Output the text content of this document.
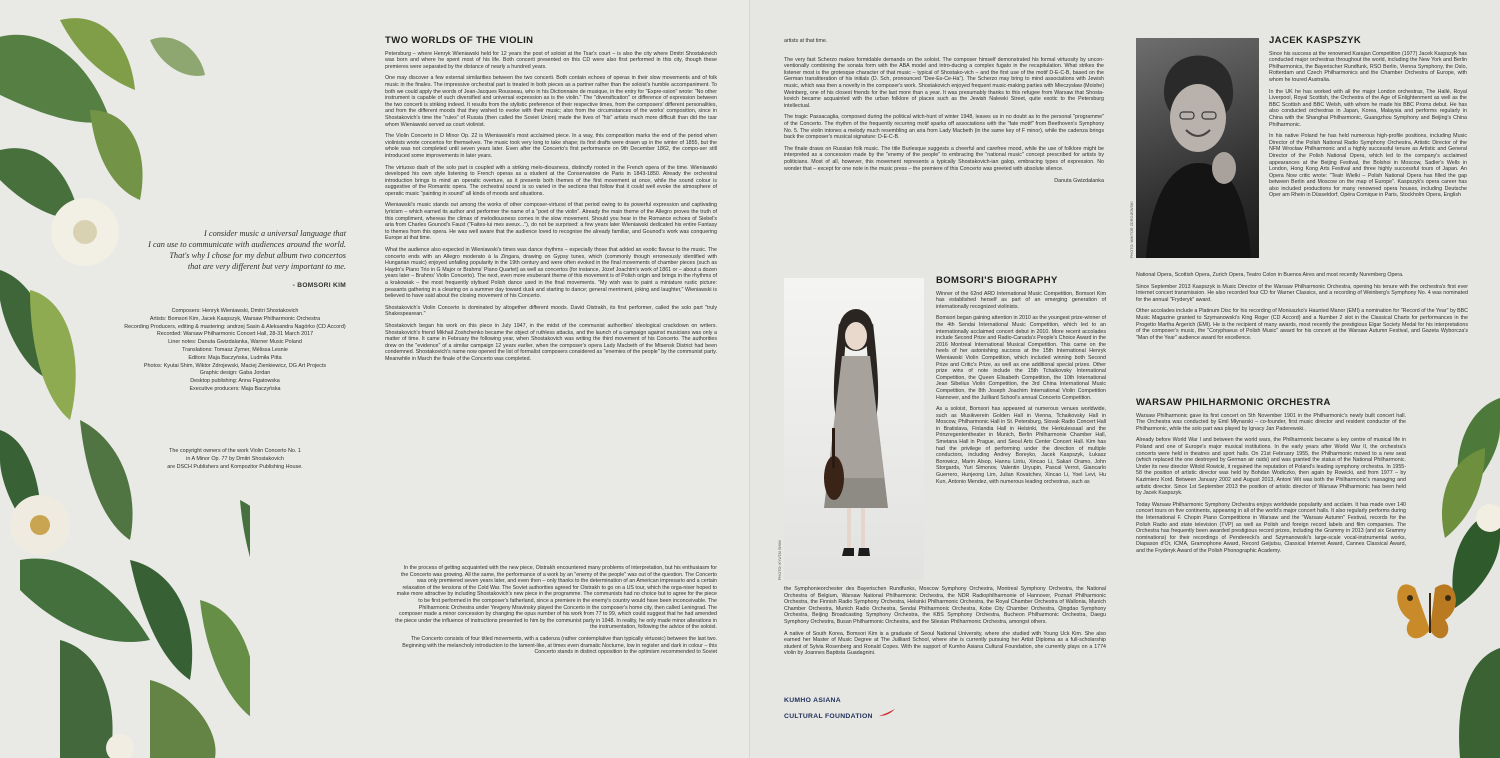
I consider music a universal language that
I can use to communicate with audiences around the world.
That's why I chose for my debut album two concertos
that are very different but very important to me.
- BOMSORI KIM
Composers: Henryk Wieniawski, Dmitri Shostakovich
Artists: Bomsori Kim, Jacek Kaspszyk, Warsaw Philharmonic Orchestra
Recording Producers, editing & mastering: andrzej Sasin & Aleksandra Nagórko (CD Accord)
Recorded: Warsaw Philharmonic Concert Hall, 28-31 March 2017
Liner notes: Danuta Gwizdalanka, Warner Music Poland
Translations: Tomasz Zymer, Mélissa Lesnie
Editors: Maja Baczyńska, Ludmiła Pitta
Photos: Kyutai Shim, Wiktor Zdrojewski, Maciej Zienkiewicz, DG Art Projects
Graphic design: Gaba Jordan
Desktop publishing: Anna Figatowska
Executive producers: Maja Baczyńska
The copyright owners of the work Violin Concerto No. 1
in A Minor Op. 77 by Dmitri Shostakovich
are DSCH Publishers and Kompozitor Publishing House.
TWO WORLDS OF THE VIOLIN

Petersburg – where Henryk Wieniawski held for 12 years the post of soloist at the Tsar's court – is also the city where Dmitri Shostakovich was born and where he spent most of his life. Both concerti presented on this CD were also first performed in this city, though these premieres were separated by the distance of nearly a hundred years.

One may discover a few external similarities between the two concerti. Both contain echoes of operas in their slow movements and of folk music in the finales. The impressive orchestral part is treated in both pieces as a partner rather than the soloist's humble accompaniment. To both we could apply the words of Jean-Jacques Rousseau, who in his Dictionnaire de musique, in the entry for "Expre-ssion" wrote: "No other instrument is capable of such diversified and universal expression as is the violin." The "diversification" or difference of expression between the two concerti is striking indeed. It results from the stylistic preference of their respective times, from the composers' different personalities, and from the different moods that they wished to evoke with their music; also from the circumstances of the works' composition, since in Shostakovich's time the "rules" of Russia (then called the Soviet Union) made the lives of "his" artists much more difficult than did the tsar whom Wieniawski served as court violinist.

The Violin Concerto in D Minor Op. 22 is Wieniawski's most acclaimed piece. In a way, this composition marks the end of the period when violinists wrote concertos for themselves. The music took very long to take shape; its first drafts were drawn up in the winter of 1855, but the whole was not completed until seven years later. Even after the Concerto's first performance on 9th December 1862, the compo-ser still introduced some improvements in later years.

The virtuoso dash of the solo part is coupled with a striking melo-diousness, distinctly rooted in the French opera of the time. Wieniawski developed his own style listening to French operas as a student at the Conservatoire de Paris in 1843-1850. Already the orchestral introduction brings to mind an operatic overture, as it presents both themes of the first movement at once, while the sound colour is suggestive of the Romantic opera. The orchestral sound is so varied in the sections that follow that it could well evoke the atmosphere of operatic music "painting in sound" all kinds of moods and situations.

Wieniawski's music stands out among the works of other composer-virtuosi of that period owing to its powerful expression and captivating lyricism – which earned its author and performer the name of a "poet of the violin". Already the main theme of the Allegro proves the truth of this compliment, whereas the climax of melodiousness comes in the slow movement. Should you hear in the Romance echoes of Siebel's aria from Charles Gounod's Faust ("Faites-lui mes aveux..."), do not be surprised: a few years later Wieniawski dedicated his entire Fantasy to themes from this opera. He was well aware that the audience loved to recognise the already familiar, and Gounod's work was conquering Europe at that time.

What the audience also expected in Wieniawski's times was dance rhythms – especially those that added an exotic flavour to the music. The concerto ends with an Allegro moderato à la Zingara, drawing on Gypsy tunes, which (commonly though erroneously identified with Hungarian music) enjoyed unfailing popularity in the 19th century and were often evoked in the final movements of chamber pieces (such as Haydn's Piano Trio in G Major or Brahms' Piano Quartet) as well as concertos (for instance, Józef Joachim's work of 1861 or – about a dozen years later – Brahms' Violin Concerto). The next, even more exuberant theme of this movement is of Polish origin and brings in the rhythms of a krakowiak – the most frequently stylised Polish dance used in the final movements. "My wish was to paint a miniature rustic picture: peasants gathering in a clearing on a summer day toward dusk and starting to dance; general merriment, joking and laughter," Wieniawski is believed to have said about the closing movement of his Concerto.

Shostakovich's Violin Concerto is dominated by altogether different moods. David Oistrakh, its first performer, called the solo part "truly Shakespearean."

Shostakovich began his work on this piece in July 1947, in the midst of the communist authorities' ideological crackdown on writers. Shostakovich's friend Mikhail Zoshchenko became the object of ruthless attacks, and the launch of a campaign against musicians was only a matter of time. It came in February the following year, when Shostakovich was writing the third movement of his Concerto. The authorities drew on the "evidence" of a similar campaign 12 years earlier, when the composer's opera Lady Macbeth of the Mtsensk District had been condemned. Shostakovich's name now opened the list of formalist composers considered as "enemies of the people" by the communist party. Meanwhile in March the finale of the Concerto was completed.

In the process of getting acquainted with the new piece, Oistrakh encountered many problems of interpretation, but his enthusiasm for the Concerto was growing. All the same, the performance of a work by an "enemy of the people" was out of the question. The Concerto was only premiered seven years later, and even then – only thanks to the determination of an American impresario and a certain relaxation of the tensions of the Cold War. The Soviet authorities agreed for Oistrakh to go on a US tour, which the orga-niser hoped to make more attractive by including Shostakovich's new piece in the programme. The communists had no choice but to agree for the piece to be first performed in the composer's fatherland, since a premiere in the enemy's country would have been inconceivable. The Philharmonic Orchestra under Yevgeny Mravinsky played the Concerto in the composer's home city, then called Leningrad. The composer made a minor concession by changing the opus number of his work from 77 to 99, which could suggest that he had amended the piece under the influence of instructions presented to him by the communist party in 1948. In reality, he only made minor alterations in the instrumentation, following the advice of the soloist.

The Concerto consists of four titled movements, with a cadenza (rather contemplative than typically virtuosic) between the last two. Beginning with the melancholy introduction to the lament-like, at times even dramatic Nocturne, low in register and dark in colour – this Concerto stands in distinct opposition to the optimism recommended to Soviet

artists at that time.

The very fast Scherzo makes formidable demands on the soloist. The composer himself demonstrated his formal virtuosity by uncon-ventionally combining the sonata form with the ABA model and intro-ducing a complex fugato in the recapitulation. What strikes the listener most is the grotesque character of that music – typical of Shostako-vich – and the first use of the motif D-E-C-B, based on the German transliteration of his initials (D. Sch, pronounced "Dee-Es-Ce-Ha"). The Scherzo may bring to mind associations with Jewish music, which was then a novelty in the composer's work. Shostakovich enjoyed frequent music-making parties with Mieczysław (Moishe) Weinberg, one of his closest friends for the last more than a year. It was presumably thanks to this refugee from Warsaw that Shosta-kovich became acquainted with the urban folklore of places such as the Jewish Nalewki Street, quite exotic to the Petersburg intellectual.

The tragic Passacaglia, composed during the political witch-hunt of winter 1948, leaves us in no doubt as to the personal "programme" of the Concerto. The rhythm of the frequently recurring motif sparks off associations with the "fate motif" from Beethoven's Symphony No. 5. The violin intones a melody much resembling an aria from Lady Macbeth (in the same key of F minor), while the cadenza brings back the composer's musical signature: D-E-C-B.

The finale draws on Russian folk music. The title Burlesque suggests a cheerful and carefree mood, while the use of folklore might be interpreted as a concession made by the "enemy of the people" to embracing the "national music" concept prescribed for artists by politicians. Most of all, however, this movement represents a typically Shostakovich-ian galop, embracing types of expression. No wonder that – except for one note in the music press – the premiere of this Concerto was greeted with absolute silence.

Danuta Gwizdalanka
PHOTO: KYUTAI SHIM
BOMSORI'S BIOGRAPHY

Winner of the 62nd ARD International Music Competition, Bomsori Kim has established herself as part of an emerging generation of internationally recognized violinists.

Bomsori began gaining attention in 2010 as the youngest prize-winner of the 4th Sendai International Music Competition, which led to an internationally acclaimed concert debut in 2010. More recent accolades include Second Prize and Radio-Canada's People's Choice Award in the 2016 Montreal International Musical Competition. This came on the heels of her astonishing success at the 15th International Henryk Wieniawski Violin Competition, which included winning both Second Prize and Critic's Prize, as well as one additional special prizes. Other prize wins of note include the 15th Tchaikovsky International Competition, the Queen Elisabeth Competition, the 10th International Jean Sibelius Violin Competition, the 3rd China International Music Competition, the 8th Joseph Joachim International Violin Competition Hannover, and the Juilliard School's annual Concerto Competition.

As a soloist, Bomsori has appeared at numerous venues worldwide, such as Musikverein Golden Hall in Vienna, Tchaikovsky Hall in Moscow, Philharmonic Hall in St. Petersburg, Slovak Radio Concert Hall in Bratislava, Finlandia Hall in Helsinki, the Herkulessaal and the Prinzregententheater in Munich, Berlin Philharmonie Chamber Hall, Smetana Hall in Prague, and Seoul Arts Center Concert Hall. Kim has had the privilege of performing under the direction of multiple conductors, including Andrey Boreyko, Jacek Kaspszyk, Łukasz Borowicz, Marin Alsop, Hannu Lintu, Xincao Li, Sakari Oramo, John Storgards, Yuri Simonov, Valentin Uryupin, Pascal Verrot, Giancarlo Guerrero, Hunjeong Lim, Julian Kovatchev, Xincao Li, Yoel Levi, Hu Kun, Antonio Mendez, with numerous leading orchestras, such as

the Symphonieorchester des Bayerischen Rundfunks, Moscow Symphony Orchestra, Montreal Symphony Orchestra, the National Orchestra of Belgium, Warsaw National Philharmonic Orchestra, the NDR Radiophilharmonie of Hannover, Poznań Philharmonic Orchestra, the Finnish Radio Symphony Orchestra, Helsinki Philharmonic Orchestra, the Royal Chamber Orchestra of Wallonia, Munich Chamber Orchestra, Munich Radio Orchestra, Sendai Philharmonic Orchestra, Kobe City Chamber Orchestra, Qingdao Symphony Orchestra, Beijing Broadcasting Symphony Orchestra, the KBS Symphony Orchestra, Bucheon Philharmonic Orchestra, Daegu Symphony Orchestra, Busan Philharmonic Orchestra, and the Silesian Philharmonic Orchestra, amongst others.

A native of South Korea, Bomsori Kim is a graduate of Seoul National University, where she studied with Young Uck Kim. She also earned her Master of Music Degree at The Juilliard School, where she is currently pursuing her Artist Diploma as a full-scholarship student of Sylvia Rosenberg and Ronald Copes. With the support of Kumho Asiana Cultural Foundation, she currently plays on a 1774 violin by Joannes Baptista Guadagnini.

KUMHO ASIANA
CULTURAL FOUNDATION
PHOTO: WIKTOR ZDROJEWSKI
JACEK KASPSZYK

Since his success at the renowned Karajan Competition (1977) Jacek Kaspszyk has conducted major orchestras throughout the world, including the New York and Berlin Philharmonics, the Bayerischer Rundfunk, RSO Berlin, Vienna Symphony, the Oslo, Rotterdam and Czech Philharmonics and the Chamber Orchestra of Europe, with whom he toured Australia.

In the UK he has worked with all the major London orchestras, The Hallé, Royal Liverpool, Royal Scottish, the Orchestra of the Age of Enlightenment as well as the BBC Scottish and BBC Welsh, with whom he made his BBC Proms debut. He has also conducted orchestras in Japan, Korea, Malaysia and performs regularly in China with the Shanghai Philharmonic, Guangzhou Symphony and Beijing's China Philharmonic.

In his native Poland he has held numerous high-profile positions, including Music Director of the Polish National Radio Symphony Orchestra, Artistic Director of the NFM Wrocław Philharmonic and a highly successful tenure as Artistic and General Director of the Polish National Opera, which led to the company's acclaimed appearances at the Beijing Festival, the Bolshoi in Moscow, Sadler's Wells in London, Hong Kong Arts Festival and three highly successful tours of Japan. An Opera Now critic wrote: "Teatr Wielki – Polish National Opera has filled the gap between Berlin and Moscow on the map of Europe". Kaspszyk's opera career has also included productions for many renowned opera houses, including Deutsche Oper am Rhein in Düsseldorf, Opéra Comique in Paris, Stockholm Opera, English

National Opera, Scottish Opera, Zurich Opera, Teatro Colon in Buenos Aires and most recently Nuremberg Opera.

Since September 2013 Kaspszyk is Music Director of the Warsaw Philharmonic Orchestra, opening his tenure with the orchestra's first ever Internet concert transmission. He also recorded four CD for Warner Classics, and a recording of Weinberg's Symphony No. 4 was nominated for the annual "Fryderyk" award.

Other accolades include a Platinum Disc for his recording of Moniuszko's Haunted Manor (EMI) a nomination for "Record of the Year" by BBC Music Magazine granted to Szymanowski's King Roger (CD Accord) and a Number 2 slot in the Classical Charts for performances in the Progetto Martha Argerich (EMI). He is the recipient of many awards, most recently the prestigious Elgar Society Medal for his interpretations of the composer's music, the "Coryphaeus of Polish Music" award for his concert at the Warsaw Autumn Festival, and Gazeta Wyborcza's "Man of the Year" audience award for excellence.

WARSAW PHILHARMONIC ORCHESTRA

Warsaw Philharmonic gave its first concert on 5th November 1901 in the Philharmonic's newly built concert hall. The Orchestra was conducted by Emil Młynarski – co-founder, first music director and resident conductor of the Philharmonic, while the solo part was played by Ignacy Jan Paderewski.

Already before World War I and between the world wars, the Philharmonic became a key centre of musical life in Poland and one of Europe's major musical institutions. In the early years after World War II, the orchestra's concerts were held in theatres and sport halls. On 21st February 1955, the Philharmonic moved to a new seat (which replaced the one destroyed by German air raids) and was granted the status of the National Philharmonic. Under its new director Witold Rowicki, it regained the reputation of Poland's leading symphony orchestra. In 1955-58 the position of artistic director was held by Bohdan Wodiczko, then again by Rowicki, and from 1977 – by Kazimierz Kord. Between January 2002 and August 2013, Antoni Wit was both the Philharmonic's managing and artistic director. Since 1st September 2013 the position of artistic director of Warsaw Philharmonic has been held by Jacek Kaspszyk.

Today Warsaw Philharmonic Symphony Orchestra enjoys worldwide popularity and acclaim. It has made over 140 concert tours on five continents, appearing in all of the world's major concert halls. It also regularly performs during the International F. Chopin Piano Competitions in Warsaw and the "Warsaw Autumn" Festival, records for the Polish Radio and state television (TVP) as well as Polish and foreign record labels and film companies. The Orchestra has frequently been awarded prestigious record prizes, including the Grammy in 2013 (and six Grammy nominations) for their recordings of Penderecki's and Szymanowski's large-scale vocal-instrumental works, Diapason d'Or, ICMA, Gramophone Award, Record Geijutsu, Classical Internet Award, Cannes Classical Award, and the Fryderyk Award of the Polish Phonographic Academy.
